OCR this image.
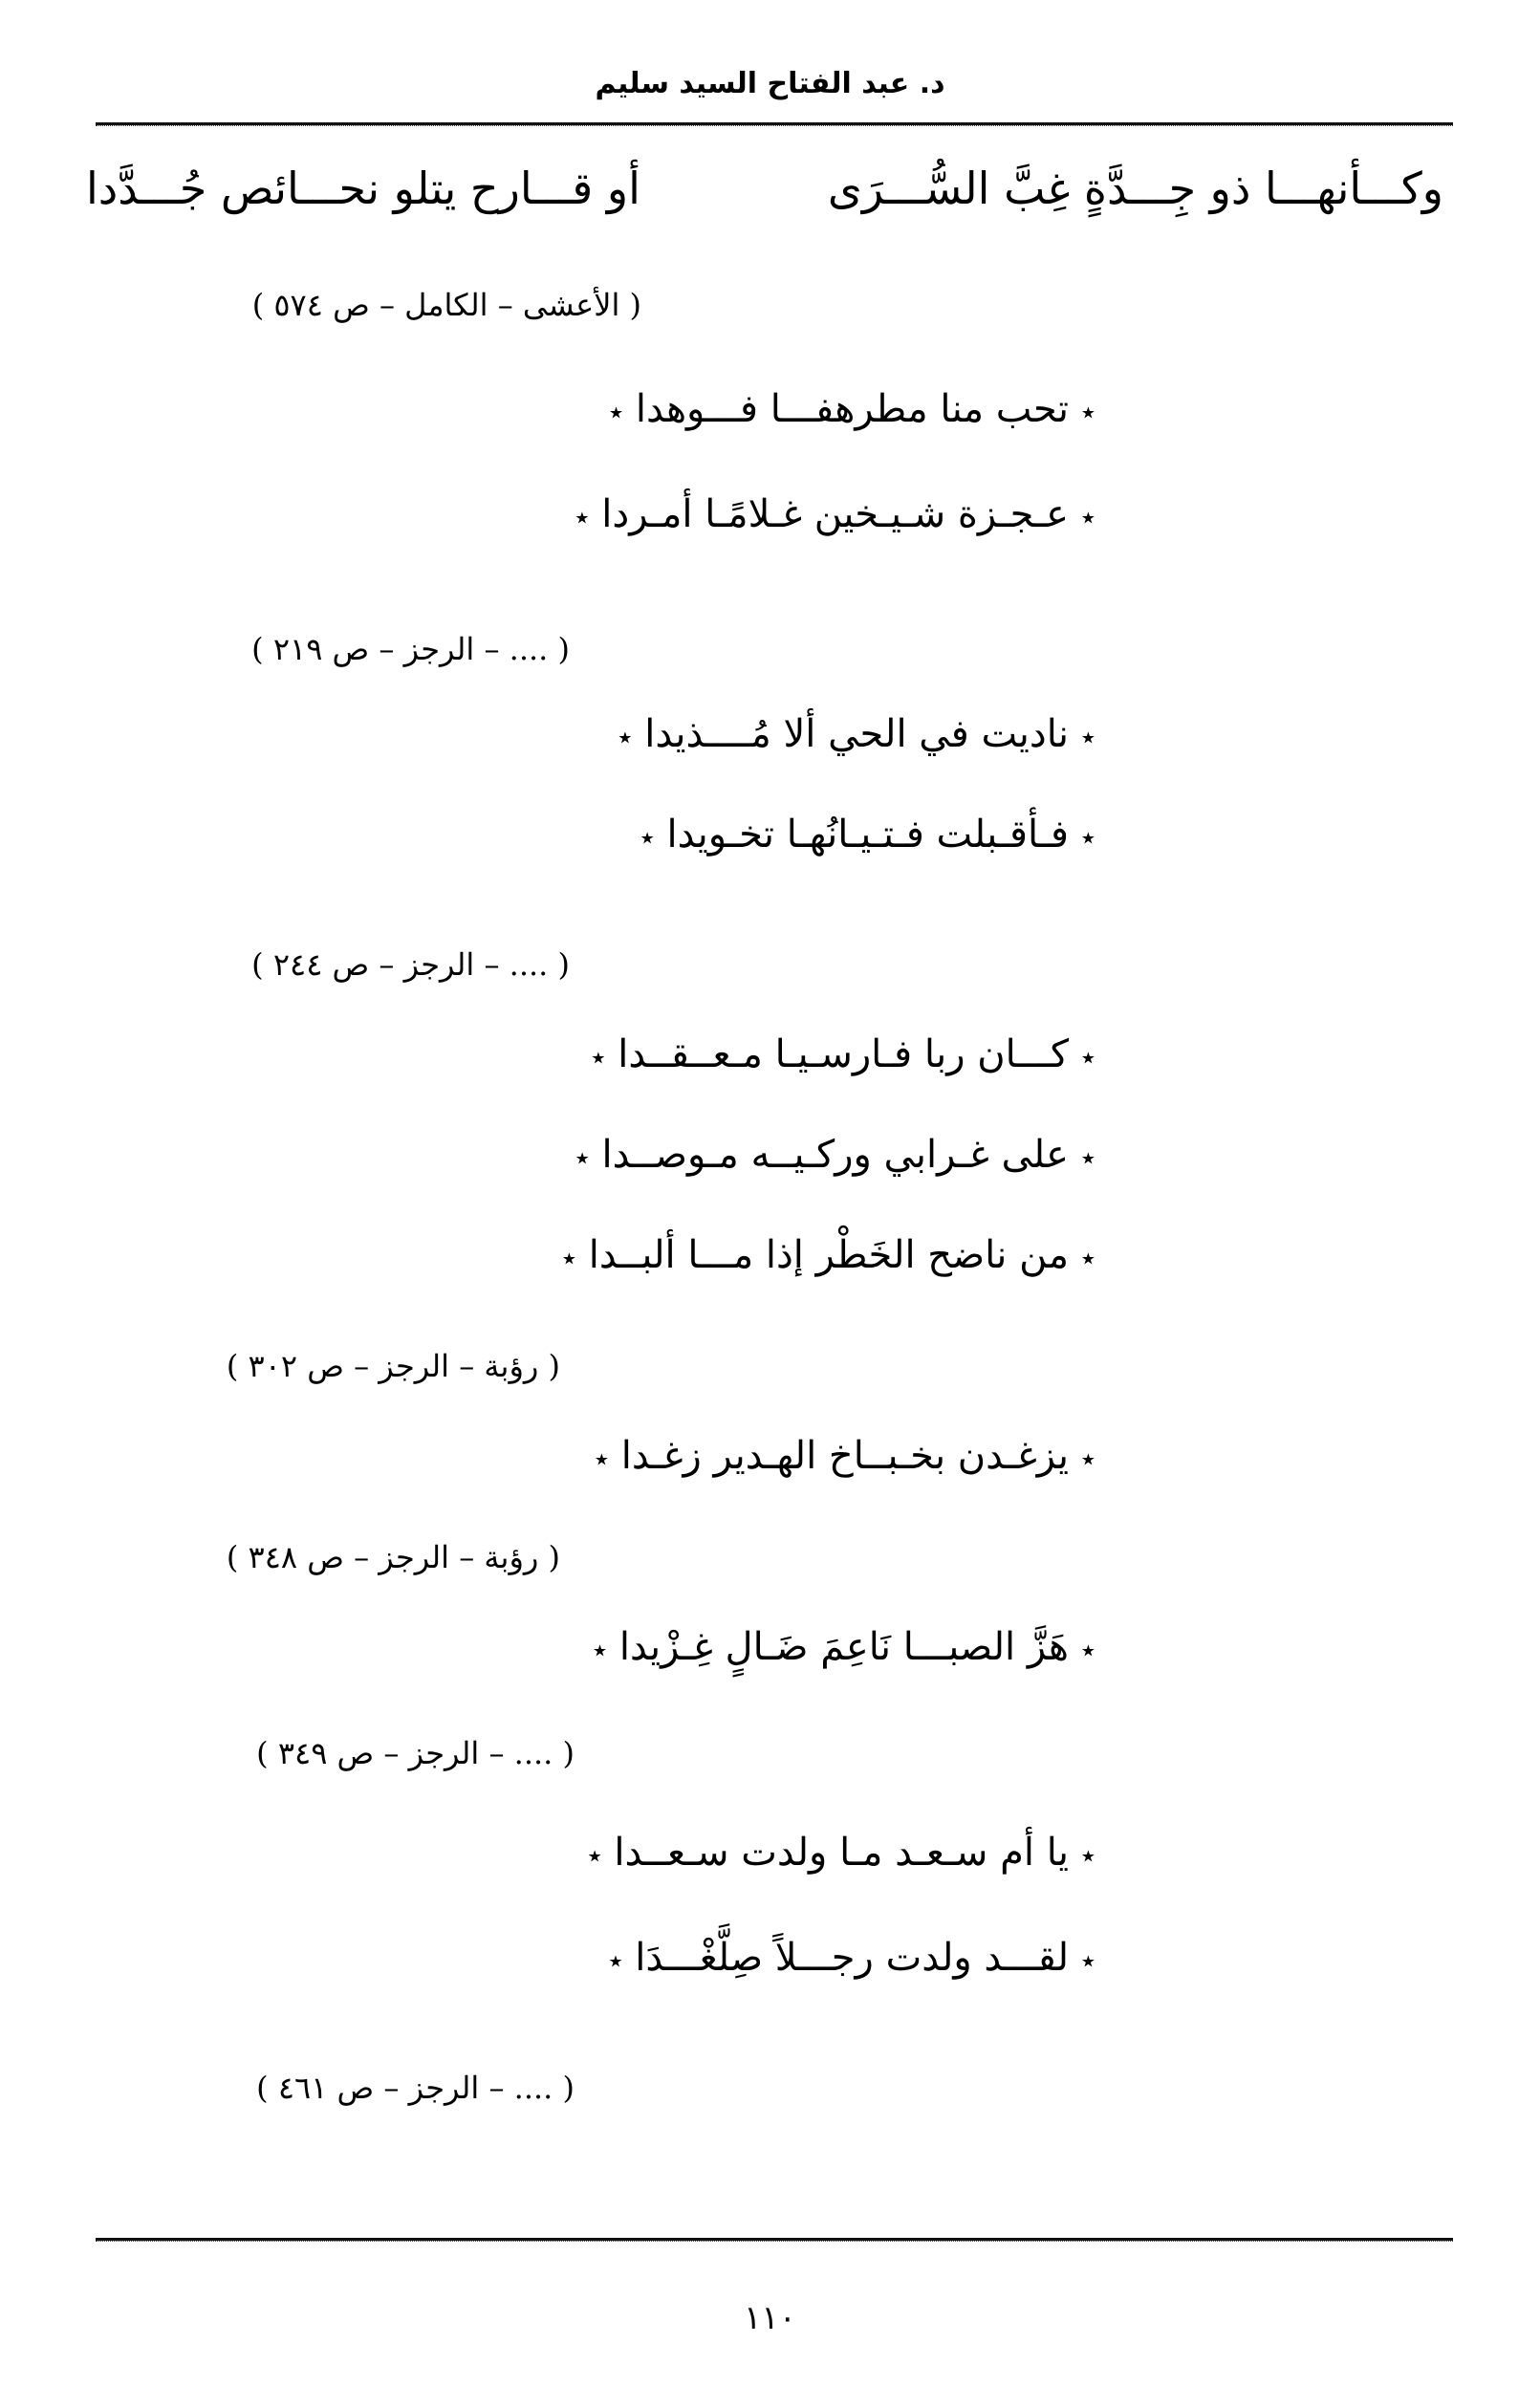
د. عبد الفتاح السيد سليم
وكـــأنهـــا ذو جِـــدَّةٍ غِبَّ السُّـــرَى
أو قـــارح يتلو نحـــائص جُـــدَّدا
( الأعشى – الكامل – ص ٥٧٤ )
٭ تحب منا مطرهفـــا فـــوهدا ٭
٭ عـجـزة شـيـخين غـلامًـا أمـردا ٭
( .... – الرجز – ص ٢١٩ )
٭ ناديت في الحي ألا مُــــذيدا ٭
٭ فـأقـبلت فـتـيـانُهـا تخـويدا ٭
( .... – الرجز – ص ٢٤٤ )
٭ كـــان ربا فـارسـيـا مـعــقــدا ٭
٭ على غـرابي وركـيــه مـوصــدا ٭
٭ من ناضح الخَطْر إذا مـــا ألبــدا ٭
( رؤبة – الرجز – ص ٣٠٢ )
٭ يزغـدن بخـبــاخ الهـدير زغـدا ٭
( رؤبة – الرجز – ص ٣٤٨ )
٭ هَزَّ الصبـــا نَاعِمَ ضَـالٍ غِـزْيدا ٭
( .... – الرجز – ص ٣٤٩ )
٭ يا أم سـعـد مـا ولدت سـعــدا ٭
٭ لقـــد ولدت رجـــلاً صِلَّغْـــدَا ٭
( .... – الرجز – ص ٤٦١ )
١١٠
